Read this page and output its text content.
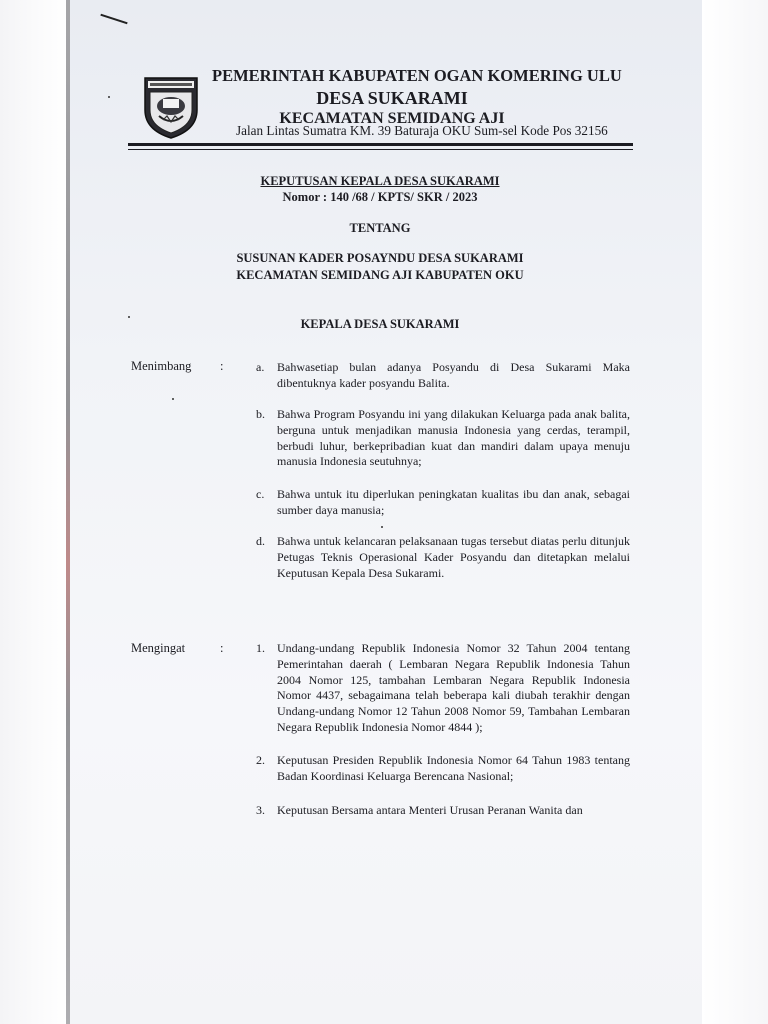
PEMERINTAH KABUPATEN OGAN KOMERING ULU
DESA SUKARAMI
KECAMATAN SEMIDANG AJI
Jalan Lintas Sumatra KM. 39 Baturaja OKU Sum-sel Kode Pos 32156
KEPUTUSAN KEPALA DESA SUKARAMI
Nomor : 140 /68 / KPTS/ SKR / 2023
TENTANG
SUSUNAN KADER POSAYNDU DESA SUKARAMI
KECAMATAN SEMIDANG AJI KABUPATEN OKU
KEPALA DESA SUKARAMI
Menimbang :	a. Bahwasetiap bulan adanya Posyandu di Desa Sukarami Maka dibentuknya kader posyandu Balita.

b. Bahwa Program Posyandu ini yang dilakukan Keluarga pada anak balita, berguna untuk menjadikan manusia Indonesia yang cerdas, terampil, berbudi luhur, berkepribadian kuat dan mandiri dalam upaya menuju manusia Indonesia seutuhnya;

c. Bahwa untuk itu diperlukan peningkatan kualitas ibu dan anak, sebagai sumber daya manusia;

d. Bahwa untuk kelancaran pelaksanaan tugas tersebut diatas perlu ditunjuk Petugas Teknis Operasional Kader Posyandu dan ditetapkan melalui Keputusan Kepala Desa Sukarami.

Mengingat	:	1. Undang-undang Republik Indonesia Nomor 32 Tahun 2004 tentang Pemerintahan daerah ( Lembaran Negara Republik Indonesia Tahun 2004 Nomor 125, tambahan Lembaran Negara Republik Indonesia Nomor 4437, sebagaimana telah beberapa kali diubah terakhir dengan Undang-undang Nomor 12 Tahun 2008 Nomor 59, Tambahan Lembaran Negara Republik Indonesia Nomor 4844 );

2. Keputusan Presiden Republik Indonesia Nomor 64 Tahun 1983 tentang Badan Koordinasi Keluarga Berencana Nasional;

3. Keputusan Bersama antara Menteri Urusan Peranan Wanita dan
